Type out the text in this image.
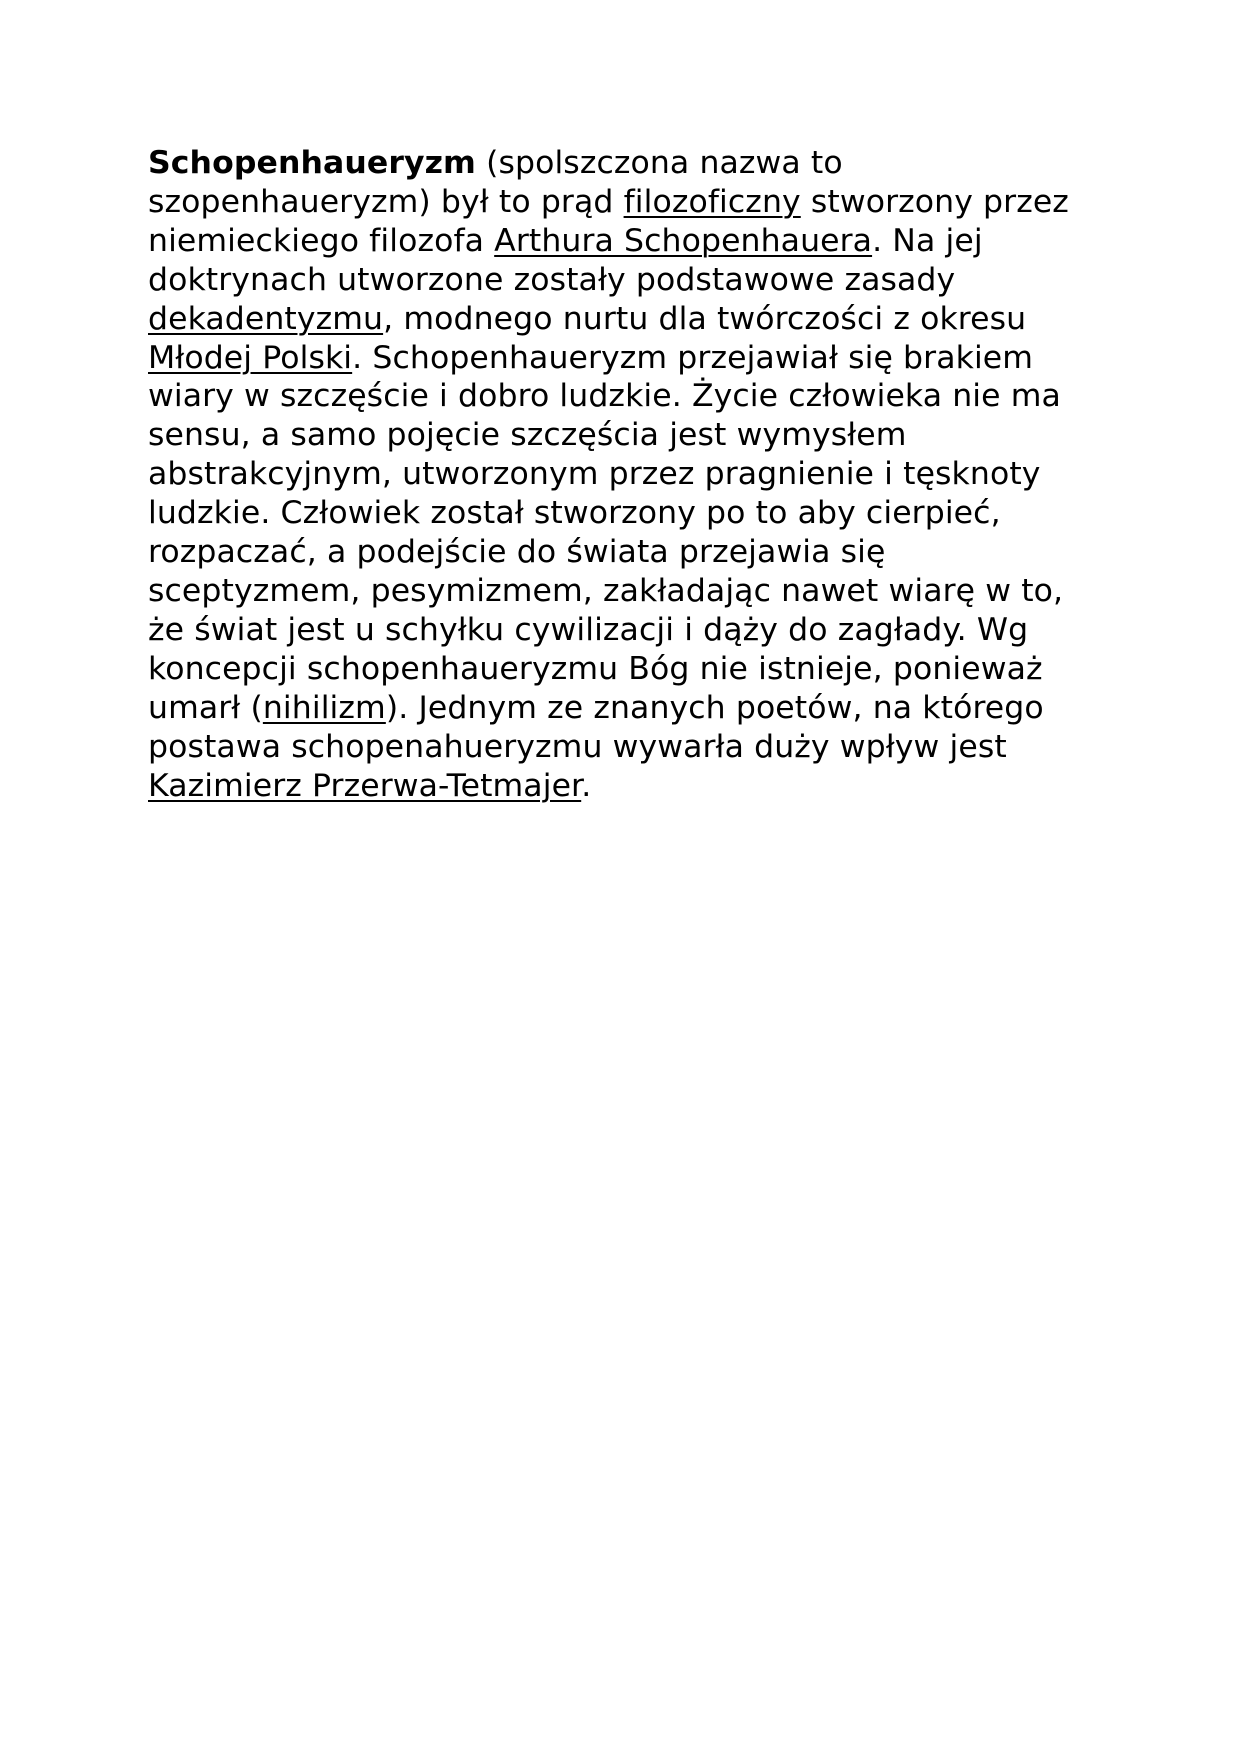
Schopenhaueryzm (spolszczona nazwa to szopenhaueryzm) był to prąd filozoficzny stworzony przez niemieckiego filozofa Arthura Schopenhauera. Na jej doktrynach utworzone zostały podstawowe zasady dekadentyzmu, modnego nurtu dla twórczości z okresu Młodej Polski. Schopenhaueryzm przejawiał się brakiem wiary w szczęście i dobro ludzkie. Życie człowieka nie ma sensu, a samo pojęcie szczęścia jest wymysłem abstrakcyjnym, utworzonym przez pragnienie i tęsknoty ludzkie. Człowiek został stworzony po to aby cierpieć, rozpaczać, a podejście do świata przejawia się sceptyzmem, pesymizmem, zakładając nawet wiarę w to, że świat jest u schyłku cywilizacji i dąży do zagłady. Wg koncepcji schopenhaueryzmu Bóg nie istnieje, ponieważ umarł (nihilizm). Jednym ze znanych poetów, na którego postawa schopenahueryzmu wywarła duży wpływ jest Kazimierz Przerwa-Tetmajer.
